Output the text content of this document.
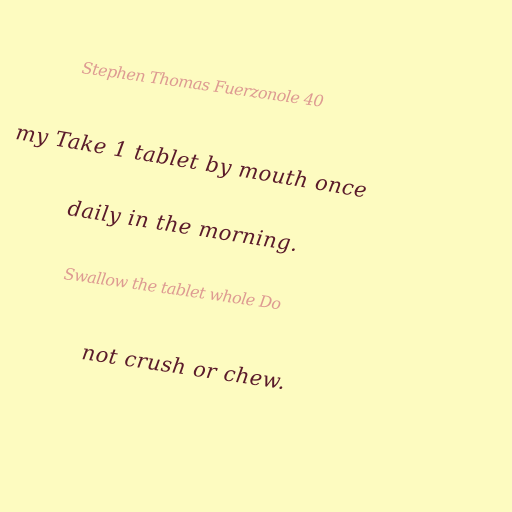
Stephen Thomas Fuerzonole 40
my Take 1 tablet by mouth once
daily in the morning.
Swallow the tablet whole Do
not crush or chew.
